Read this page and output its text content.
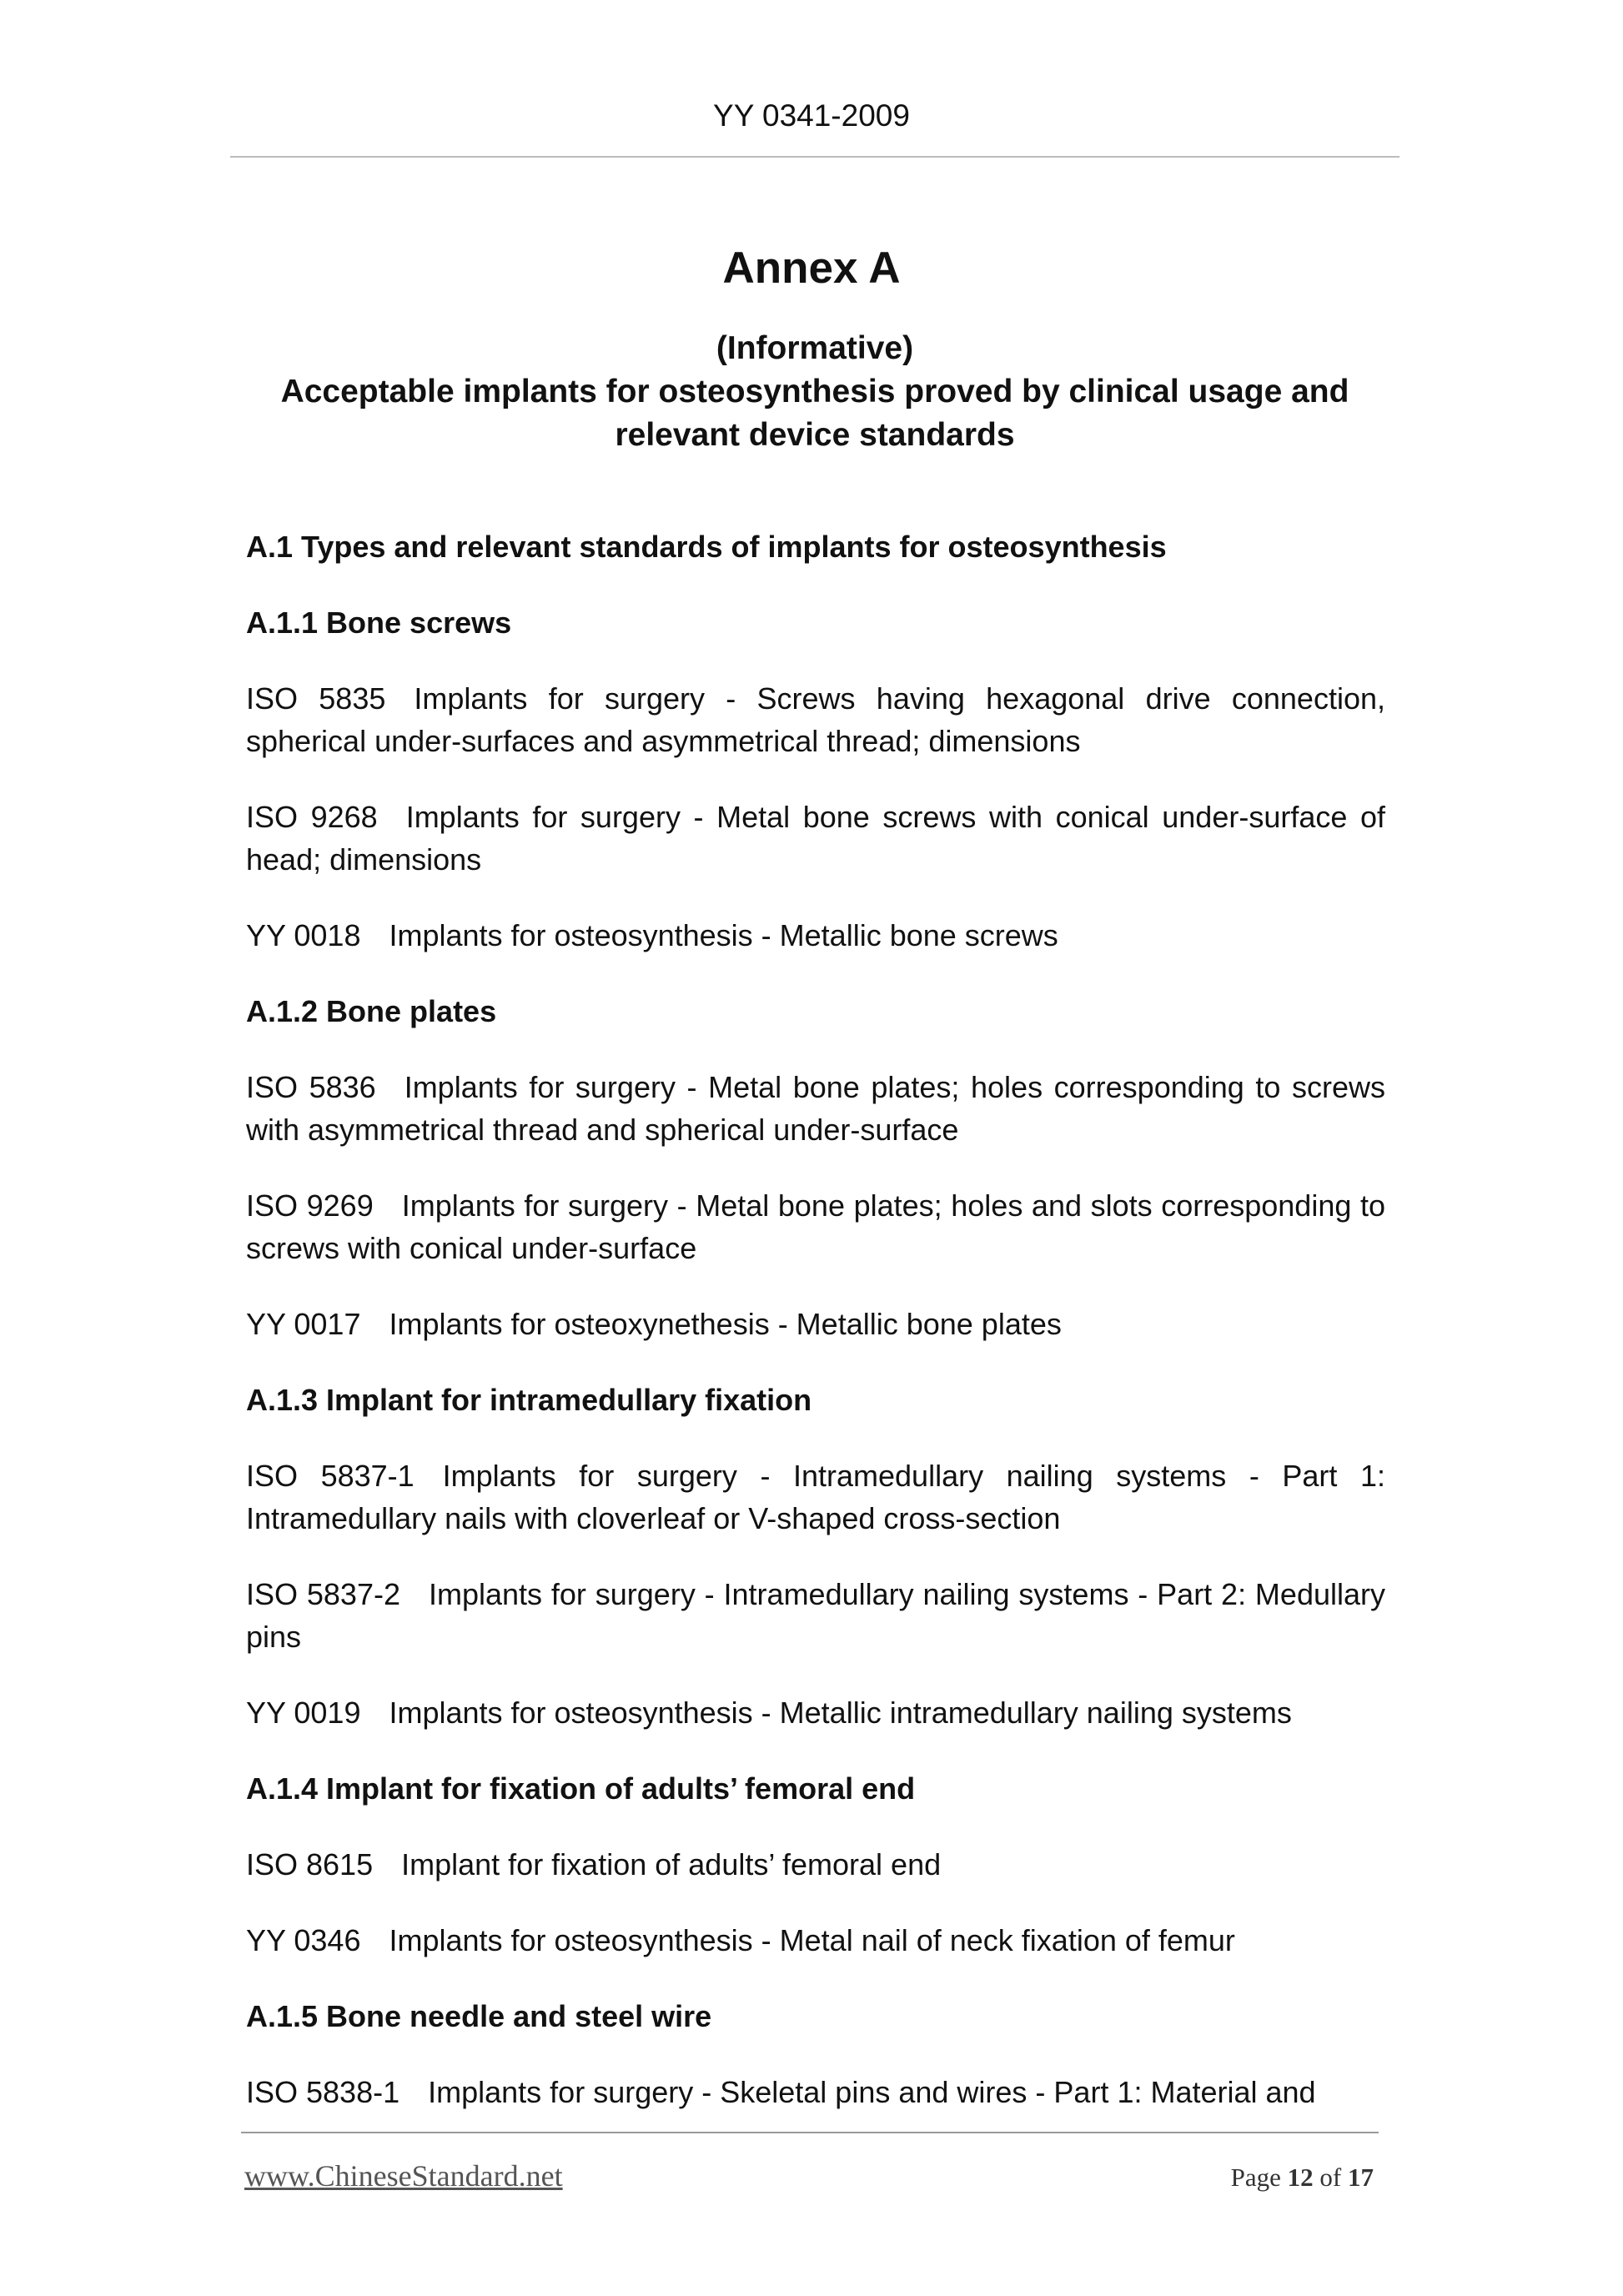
YY 0341-2009
Annex A
(Informative)
Acceptable implants for osteosynthesis proved by clinical usage and
relevant device standards

A.1 Types and relevant standards of implants for osteosynthesis

A.1.1 Bone screws

ISO 5835 Implants for surgery - Screws having hexagonal drive connection, spherical under-surfaces and asymmetrical thread; dimensions

ISO 9268 Implants for surgery - Metal bone screws with conical under-surface of head; dimensions

YY 0018 Implants for osteosynthesis - Metallic bone screws

A.1.2 Bone plates

ISO 5836 Implants for surgery - Metal bone plates; holes corresponding to screws with asymmetrical thread and spherical under-surface

ISO 9269 Implants for surgery - Metal bone plates; holes and slots corresponding to screws with conical under-surface

YY 0017 Implants for osteoxynethesis - Metallic bone plates

A.1.3 Implant for intramedullary fixation

ISO 5837-1 Implants for surgery - Intramedullary nailing systems - Part 1: Intramedullary nails with cloverleaf or V-shaped cross-section

ISO 5837-2 Implants for surgery - Intramedullary nailing systems - Part 2: Medullary pins

YY 0019 Implants for osteosynthesis - Metallic intramedullary nailing systems

A.1.4 Implant for fixation of adults’ femoral end

ISO 8615 Implant for fixation of adults’ femoral end

YY 0346 Implants for osteosynthesis - Metal nail of neck fixation of femur

A.1.5 Bone needle and steel wire

ISO 5838-1 Implants for surgery - Skeletal pins and wires - Part 1: Material and

www.ChineseStandard.net	Page 12 of 17
